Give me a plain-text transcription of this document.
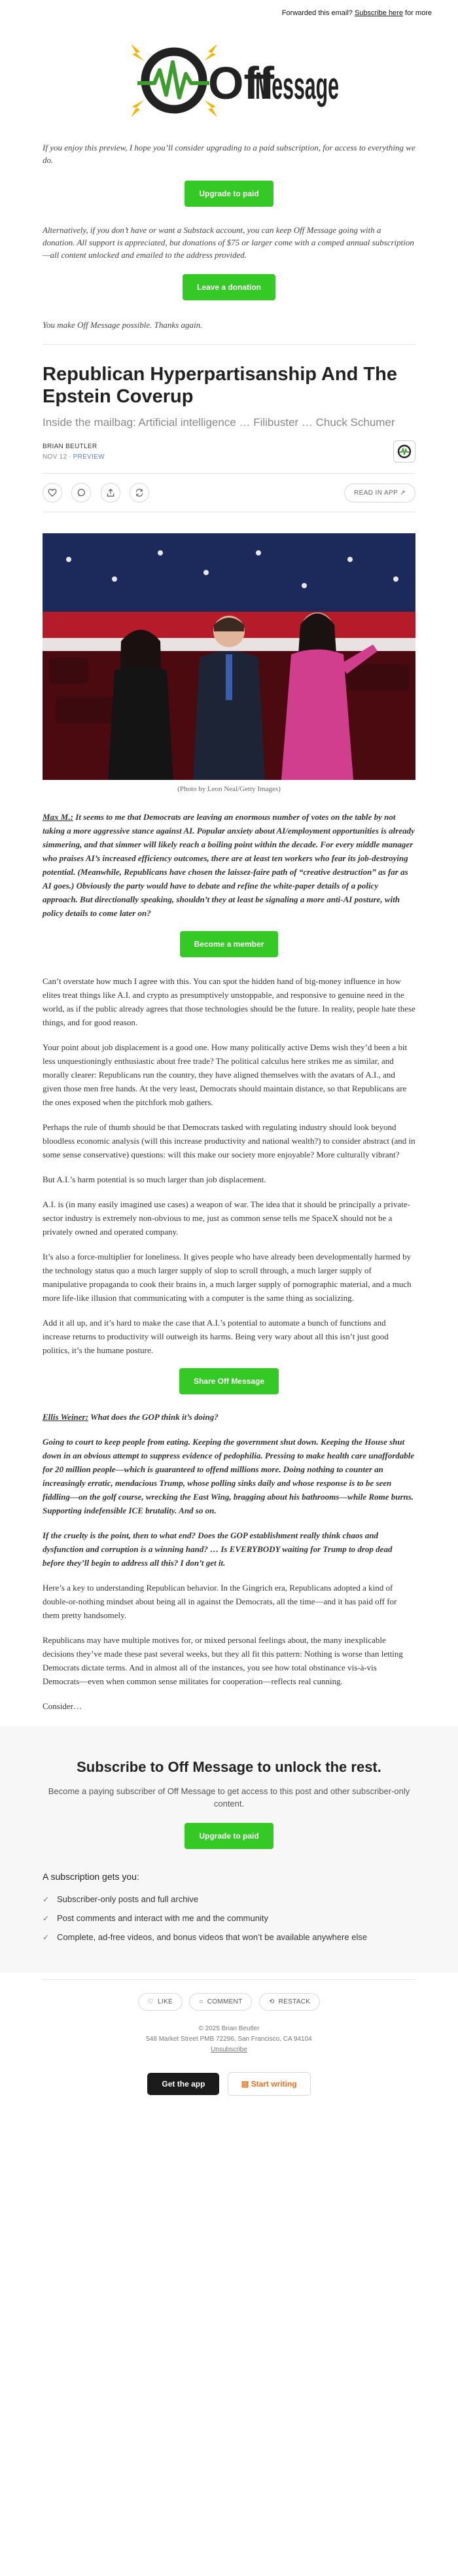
Forwarded this email? Subscribe here for more
Off
Message

If you enjoy this preview, I hope you’ll consider upgrading to a paid subscription, for access to everything we do.

Upgrade to paid

Alternatively, if you don’t have or want a Substack account, you can keep Off Message going with a donation. All support is appreciated, but donations of $75 or larger come with a comped annual subscription—all content unlocked and emailed to the address provided.

Leave a donation

You make Off Message possible. Thanks again.

Republican Hyperpartisanship And The Epstein Coverup

Inside the mailbag: Artificial intelligence … Filibuster … Chuck Schumer

BRIAN BEUTLER
NOV 12 ∙ PREVIEW

READ IN APP ↗

(Photo by Leon Neal/Getty Images)

Max M.: It seems to me that Democrats are leaving an enormous number of votes on the table by not taking a more aggressive stance against AI. Popular anxiety about AI/employment opportunities is already simmering, and that simmer will likely reach a boiling point within the decade. For every middle manager who praises AI’s increased efficiency outcomes, there are at least ten workers who fear its job-destroying potential. (Meanwhile, Republicans have chosen the laissez-faire path of “creative destruction” as far as AI goes.) Obviously the party would have to debate and refine the white-paper details of a policy approach. But directionally speaking, shouldn’t they at least be signaling a more anti-AI posture, with policy details to come later on?

Become a member

Can’t overstate how much I agree with this. You can spot the hidden hand of big-money influence in how elites treat things like A.I. and crypto as presumptively unstoppable, and responsive to genuine need in the world, as if the public already agrees that those technologies should be the future. In reality, people hate these things, and for good reason.

Your point about job displacement is a good one. How many politically active Dems wish they’d been a bit less unquestioningly enthusiastic about free trade? The political calculus here strikes me as similar, and morally clearer: Republicans run the country, they have aligned themselves with the avatars of A.I., and given those men free hands. At the very least, Democrats should maintain distance, so that Republicans are the ones exposed when the pitchfork mob gathers.

Perhaps the rule of thumb should be that Democrats tasked with regulating industry should look beyond bloodless economic analysis (will this increase productivity and national wealth?) to consider abstract (and in some sense conservative) questions: will this make our society more enjoyable? More culturally vibrant?

But A.I.’s harm potential is so much larger than job displacement.

A.I. is (in many easily imagined use cases) a weapon of war. The idea that it should be principally a private-sector industry is extremely non-obvious to me, just as common sense tells me SpaceX should not be a privately owned and operated company.

It’s also a force-multiplier for loneliness. It gives people who have already been developmentally harmed by the technology status quo a much larger supply of slop to scroll through, a much larger supply of manipulative propaganda to cook their brains in, a much larger supply of pornographic material, and a much more life-like illusion that communicating with a computer is the same thing as socializing.

Add it all up, and it’s hard to make the case that A.I.’s potential to automate a bunch of functions and increase returns to productivity will outweigh its harms. Being very wary about all this isn’t just good politics, it’s the humane posture.

Share Off Message

Ellis Weiner: What does the GOP think it’s doing?

Going to court to keep people from eating. Keeping the government shut down. Keeping the House shut down in an obvious attempt to suppress evidence of pedophilia. Pressing to make health care unaffordable for 20 million people—which is guaranteed to offend millions more. Doing nothing to counter an increasingly erratic, mendacious Trump, whose polling sinks daily and whose response is to be seen fiddling—on the golf course, wrecking the East Wing, bragging about his bathrooms—while Rome burns. Supporting indefensible ICE brutality. And so on.

If the cruelty is the point, then to what end? Does the GOP establishment really think chaos and dysfunction and corruption is a winning hand? … Is EVERYBODY waiting for Trump to drop dead before they’ll begin to address all this? I don’t get it.

Here’s a key to understanding Republican behavior. In the Gingrich era, Republicans adopted a kind of double-or-nothing mindset about being all in against the Democrats, all the time—and it has paid off for them pretty handsomely.

Republicans may have multiple motives for, or mixed personal feelings about, the many inexplicable decisions they’ve made these past several weeks, but they all fit this pattern: Nothing is worse than letting Democrats dictate terms. And in almost all of the instances, you see how total obstinance vis-à-vis Democrats—even when common sense militates for cooperation—reflects real cunning.

Consider…

Subscribe to Off Message to unlock the rest.

Become a paying subscriber of Off Message to get access to this post and other subscriber-only content.

Upgrade to paid
A subscription gets you:
✓ Subscriber-only posts and full archive
✓ Post comments and interact with me and the community
✓ Complete, ad-free videos, and bonus videos that won’t be available anywhere else
♡ LIKE
	○ COMMENT
	⟲ RESTACK
© 2025 Brian Beutler
548 Market Street PMB 72296, San Francisco, CA 94104
Unsubscribe
Get the app	▤ Start writing
